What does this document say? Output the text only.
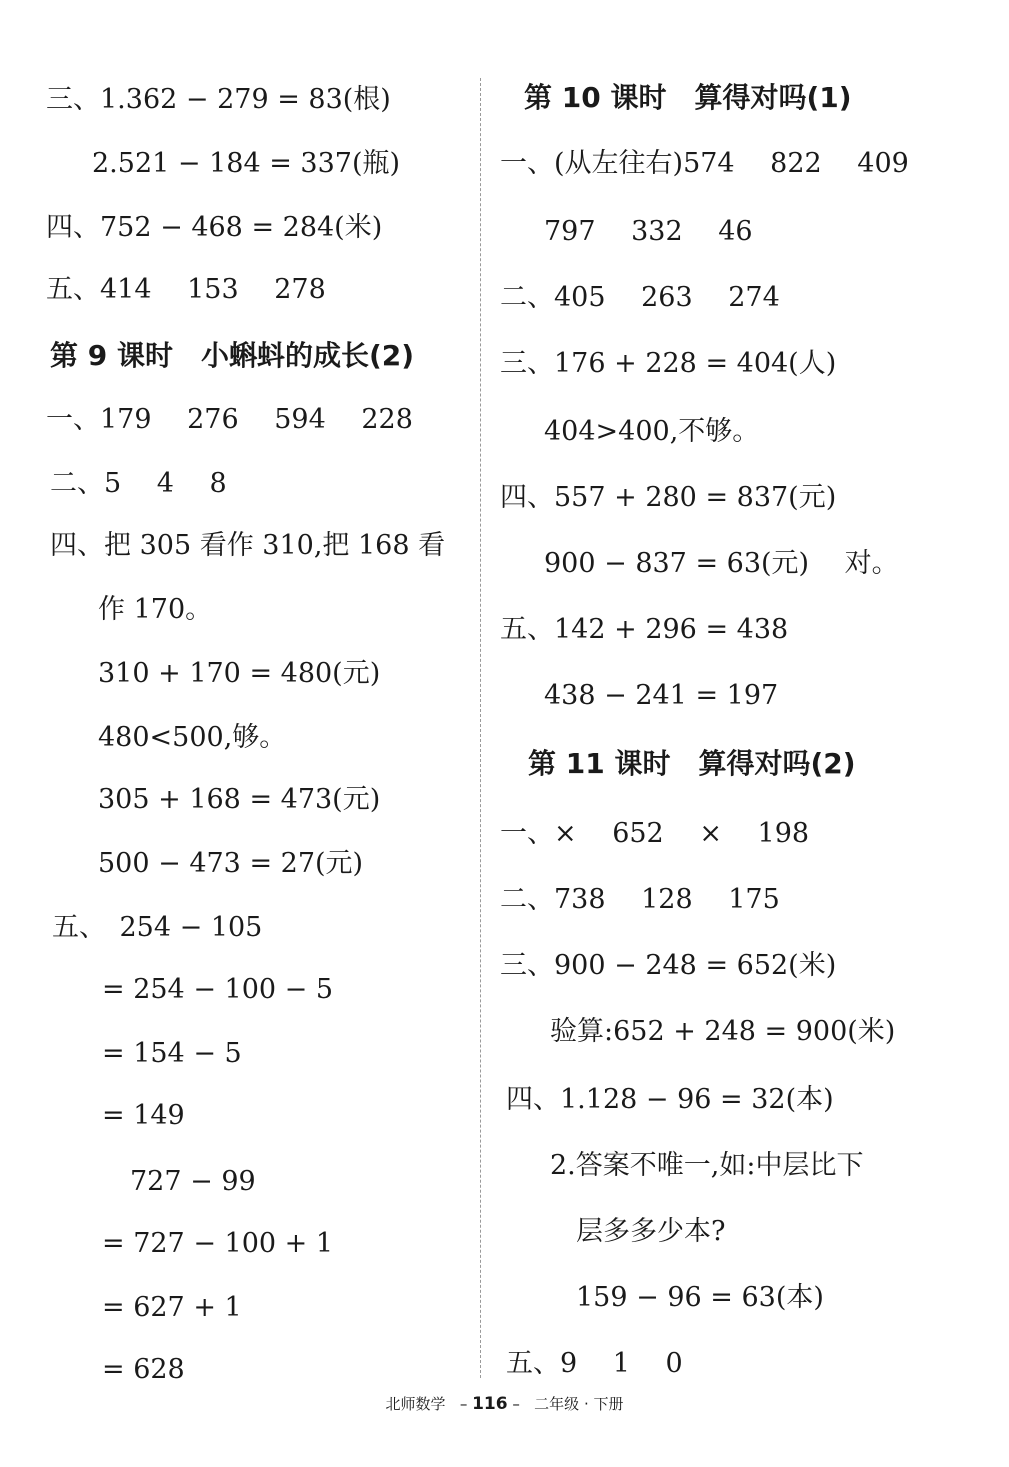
三、1.362 − 279 = 83(根)
2.521 − 184 = 337(瓶)
四、752 − 468 = 284(米)
五、414　 153　 278
第 9 课时　小蝌蚪的成长(2)
一、179　 276　 594　 228
二、5　 4　 8
四、把 305 看作 310,把 168 看
作 170。
310 + 170 = 480(元)
480<500,够。
305 + 168 = 473(元)
500 − 473 = 27(元)
五、　254 − 105
= 254 − 100 − 5
= 154 − 5
= 149
727 − 99
= 727 − 100 + 1
= 627 + 1
= 628
第 10 课时　算得对吗(1)
一、(从左往右)574　 822　 409
797　 332　 46
二、405　 263　 274
三、176 + 228 = 404(人)
404>400,不够。
四、557 + 280 = 837(元)
900 − 837 = 63(元)　 对。
五、142 + 296 = 438
438 − 241 = 197
第 11 课时　算得对吗(2)
一、×　 652　 ×　 198
二、738　 128　 175
三、900 − 248 = 652(米)
验算:652 + 248 = 900(米)
四、1.128 − 96 = 32(本)
2.答案不唯一,如:中层比下
层多多少本?
159 − 96 = 63(本)
五、9　 1　 0
北师数学   – 116 –   二年级 · 下册
